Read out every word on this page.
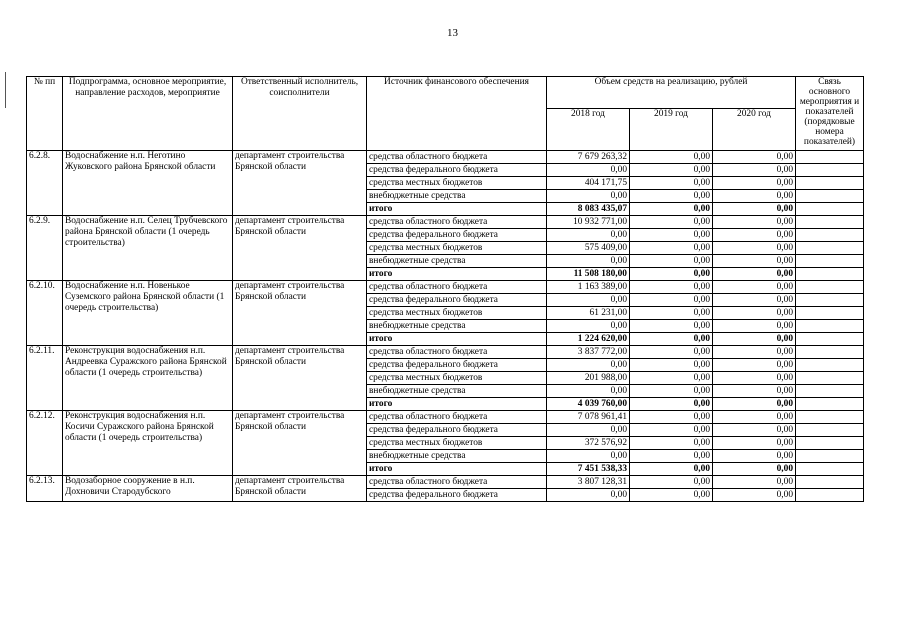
13
№ пп	Подпрограмма, основное мероприятие, направление расходов, мероприятие	Ответственный исполнитель, соисполнители	Источник финансового обеспечения	Объем средств на реализацию, рублей			Связь основного мероприятия и показателей (порядковые номера показателей)
				2018 год	2019 год	2020 год	
6.2.8.	Водоснабжение н.п. Неготино Жуковского района Брянской области	департамент строительства Брянской области	средства областного бюджета	7 679 263,32	0,00	0,00	
			средства федерального бюджета	0,00	0,00	0,00	
			средства местных бюджетов	404 171,75	0,00	0,00	
			внебюджетные средства	0,00	0,00	0,00	
			итого	8 083 435,07	0,00	0,00	
6.2.9.	Водоснабжение н.п. Селец Трубчевского района Брянской области (1 очередь строительства)	департамент строительства Брянской области	средства областного бюджета	10 932 771,00	0,00	0,00	
			средства федерального бюджета	0,00	0,00	0,00	
			средства местных бюджетов	575 409,00	0,00	0,00	
			внебюджетные средства	0,00	0,00	0,00	
			итого	11 508 180,00	0,00	0,00	
6.2.10.	Водоснабжение н.п. Новенькое Суземского района Брянской области (1 очередь строительства)	департамент строительства Брянской области	средства областного бюджета	1 163 389,00	0,00	0,00	
			средства федерального бюджета	0,00	0,00	0,00	
			средства местных бюджетов	61 231,00	0,00	0,00	
			внебюджетные средства	0,00	0,00	0,00	
			итого	1 224 620,00	0,00	0,00	
6.2.11.	Реконструкция водоснабжения н.п. Андреевка Суражского района Брянской области (1 очередь строительства)	департамент строительства Брянской области	средства областного бюджета	3 837 772,00	0,00	0,00	
			средства федерального бюджета	0,00	0,00	0,00	
			средства местных бюджетов	201 988,00	0,00	0,00	
			внебюджетные средства	0,00	0,00	0,00	
			итого	4 039 760,00	0,00	0,00	
6.2.12.	Реконструкция водоснабжения н.п. Косичи Суражского района Брянской области (1 очередь строительства)	департамент строительства Брянской области	средства областного бюджета	7 078 961,41	0,00	0,00	
			средства федерального бюджета	0,00	0,00	0,00	
			средства местных бюджетов	372 576,92	0,00	0,00	
			внебюджетные средства	0,00	0,00	0,00	
			итого	7 451 538,33	0,00	0,00	
6.2.13.	Водозаборное сооружение в н.п. Дохновичи Стародубского	департамент строительства Брянской области	средства областного бюджета	3 807 128,31	0,00	0,00	
			средства федерального бюджета	0,00	0,00	0,00	
